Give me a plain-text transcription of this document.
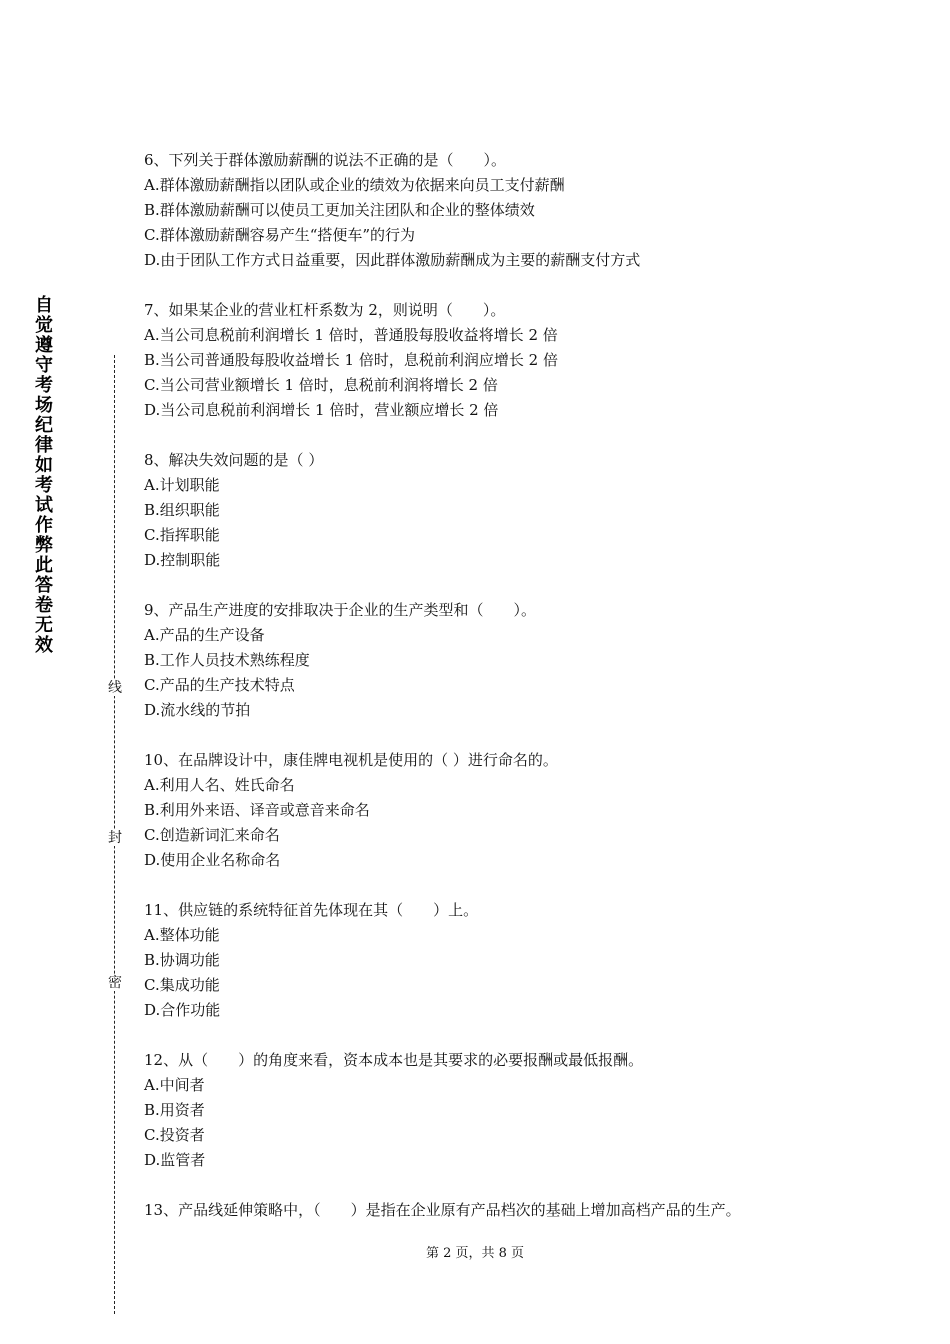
自觉遵守考场纪律如考试作弊此答卷无效
线
封
密
6、下列关于群体激励薪酬的说法不正确的是（　　）。
A.群体激励薪酬指以团队或企业的绩效为依据来向员工支付薪酬
B.群体激励薪酬可以使员工更加关注团队和企业的整体绩效
C.群体激励薪酬容易产生“搭便车”的行为
D.由于团队工作方式日益重要，因此群体激励薪酬成为主要的薪酬支付方式
7、如果某企业的营业杠杆系数为 2，则说明（　　）。
A.当公司息税前利润增长 1 倍时，普通股每股收益将增长 2 倍
B.当公司普通股每股收益增长 1 倍时，息税前利润应增长 2 倍
C.当公司营业额增长 1 倍时，息税前利润将增长 2 倍
D.当公司息税前利润增长 1 倍时，营业额应增长 2 倍
8、解决失效问题的是（ ）
A.计划职能
B.组织职能
C.指挥职能
D.控制职能
9、产品生产进度的安排取决于企业的生产类型和（　　）。
A.产品的生产设备
B.工作人员技术熟练程度
C.产品的生产技术特点
D.流水线的节拍
10、在品牌设计中，康佳牌电视机是使用的（ ）进行命名的。
A.利用人名、姓氏命名
B.利用外来语、译音或意音来命名
C.创造新词汇来命名
D.使用企业名称命名
11、供应链的系统特征首先体现在其（　　）上。
A.整体功能
B.协调功能
C.集成功能
D.合作功能
12、从（　　）的角度来看，资本成本也是其要求的必要报酬或最低报酬。
A.中间者
B.用资者
C.投资者
D.监管者
13、产品线延伸策略中，（　　）是指在企业原有产品档次的基础上增加高档产品的生产。
第 2 页，共 8 页
